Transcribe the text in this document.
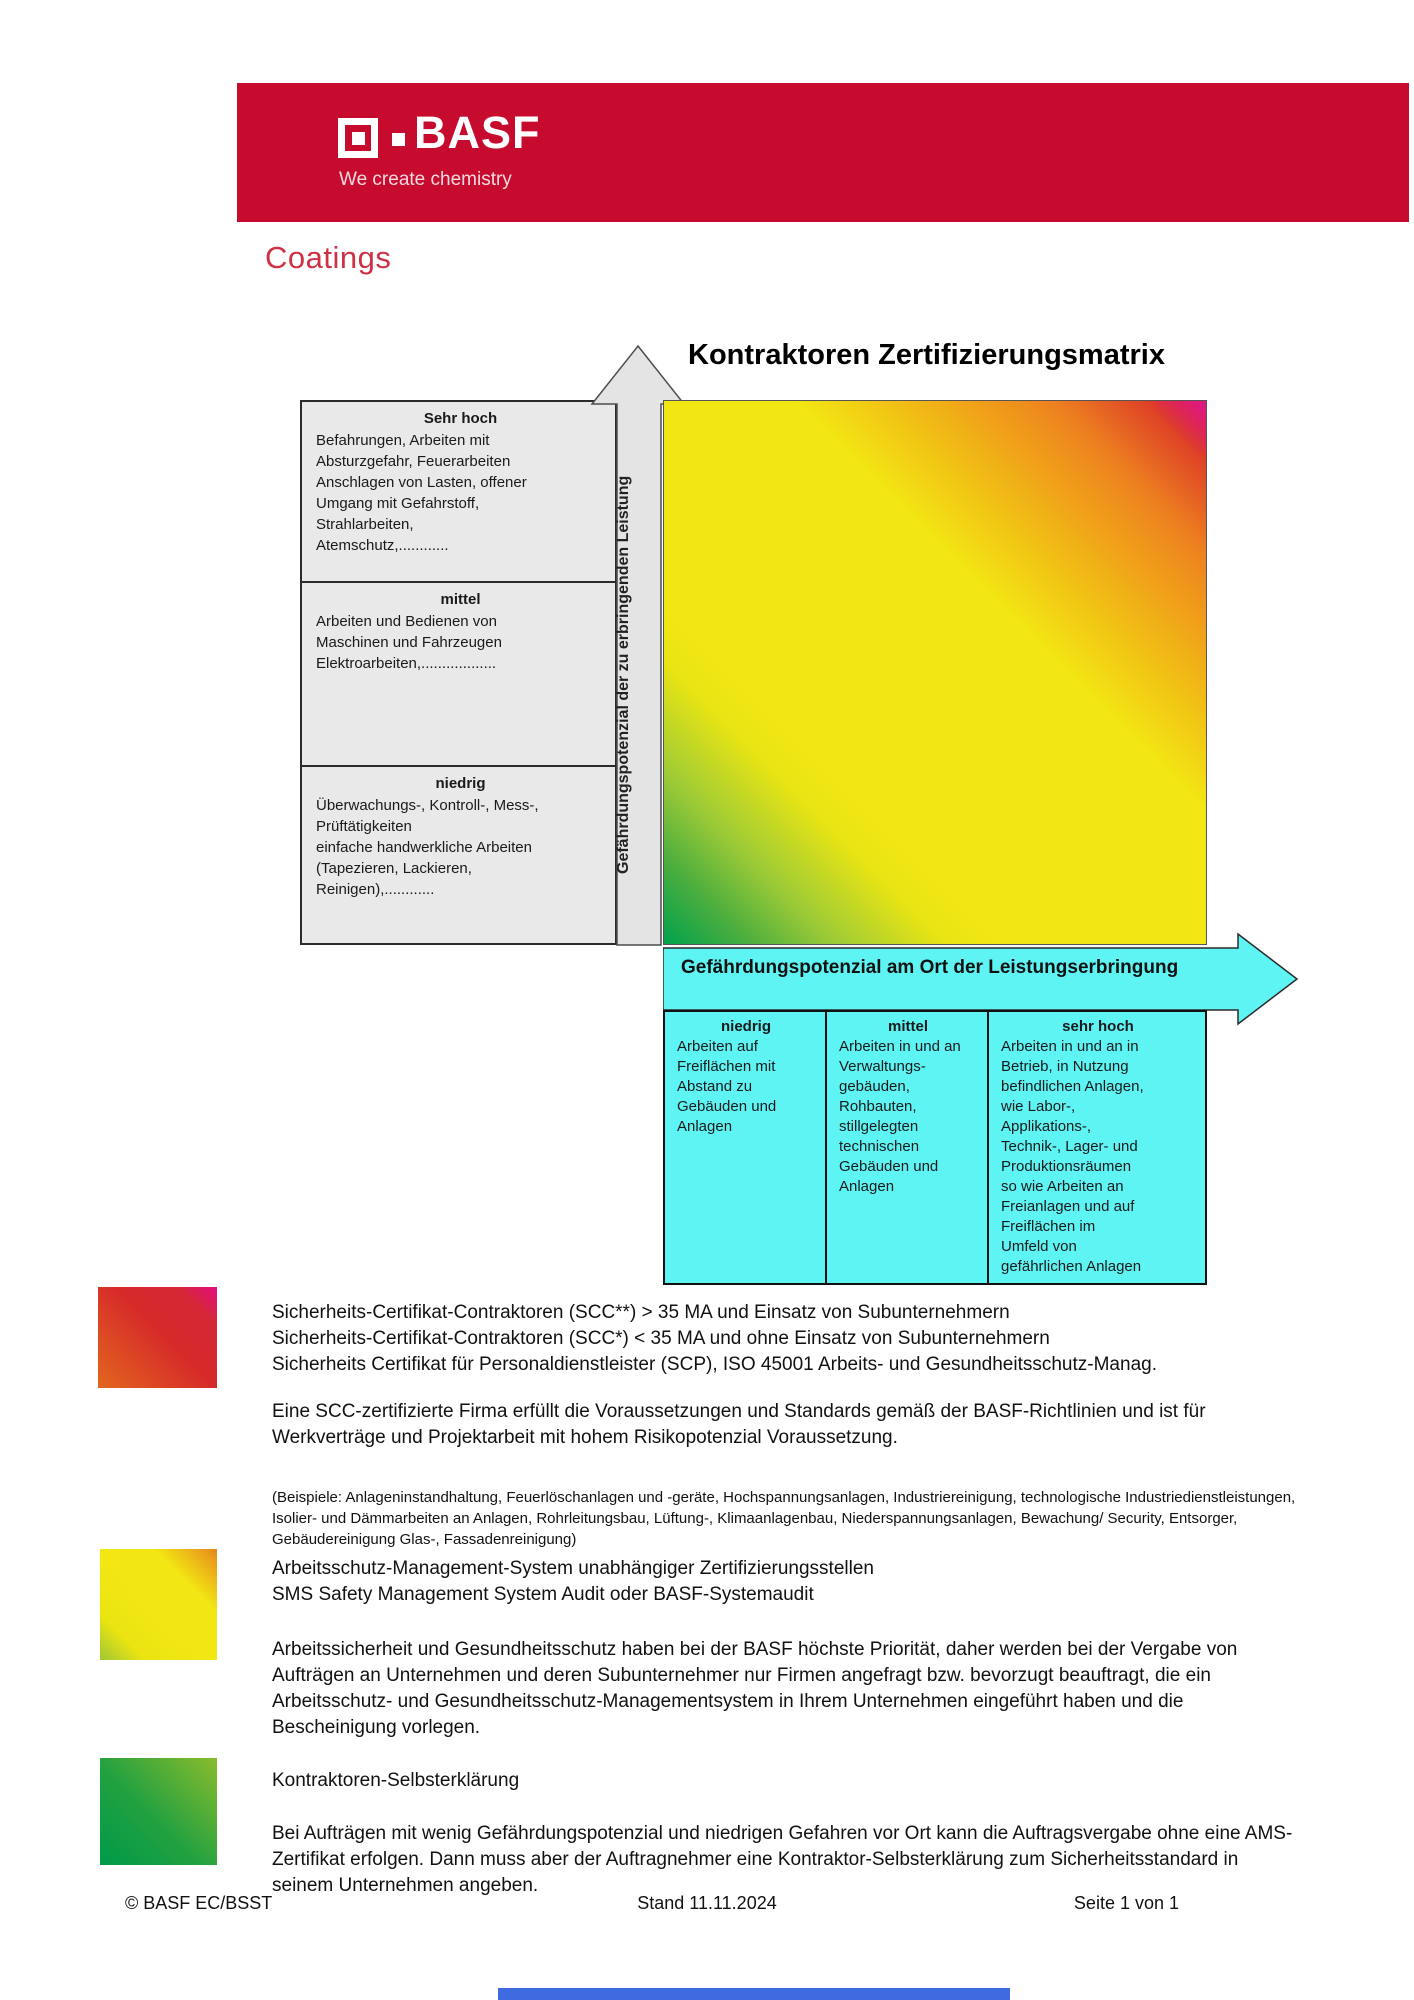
BASF
We create chemistry
Coatings
Kontraktoren Zertifizierungsmatrix
Sehr hoch
Befahrungen, Arbeiten mit
Absturzgefahr, Feuerarbeiten
Anschlagen von Lasten, offener
Umgang mit Gefahrstoff,
Strahlarbeiten,
Atemschutz,............
mittel
Arbeiten und Bedienen von
Maschinen und Fahrzeugen
Elektroarbeiten,..................
niedrig
Überwachungs-, Kontroll-, Mess-,
Prüftätigkeiten
einfache handwerkliche Arbeiten
(Tapezieren, Lackieren,
Reinigen),............
Gefährdungspotenzial der zu erbringenden Leistung
Gefährdungspotenzial am Ort der Leistungserbringung
niedrig
Arbeiten auf
Freiflächen mit
Abstand zu
Gebäuden und
Anlagen
mittel
Arbeiten in und an
Verwaltungs-
gebäuden,
Rohbauten,
stillgelegten
technischen
Gebäuden und
Anlagen
sehr hoch
Arbeiten in und an in
Betrieb, in Nutzung
befindlichen Anlagen,
wie Labor-,
Applikations-,
Technik-, Lager- und
Produktionsräumen
so wie Arbeiten an
Freianlagen und auf
Freiflächen im
Umfeld von
gefährlichen Anlagen
Sicherheits-Certifikat-Contraktoren (SCC**) > 35 MA und Einsatz von Subunternehmern
Sicherheits-Certifikat-Contraktoren (SCC*) < 35 MA und ohne Einsatz von Subunternehmern
Sicherheits Certifikat für Personaldienstleister (SCP), ISO 45001 Arbeits- und Gesundheitsschutz-Manag.
Eine SCC-zertifizierte Firma erfüllt die Voraussetzungen und Standards gemäß der BASF-Richtlinien und ist für Werkverträge und Projektarbeit mit hohem Risikopotenzial Voraussetzung.
(Beispiele: Anlageninstandhaltung, Feuerlöschanlagen und -geräte, Hochspannungsanlagen, Industriereinigung, technologische Industriedienstleistungen, Isolier- und Dämmarbeiten an Anlagen, Rohrleitungsbau, Lüftung-, Klimaanlagenbau, Niederspannungsanlagen, Bewachung/ Security, Entsorger, Gebäudereinigung Glas-, Fassadenreinigung)
Arbeitsschutz-Management-System unabhängiger Zertifizierungsstellen
SMS Safety Management System Audit oder BASF-Systemaudit
Arbeitssicherheit und Gesundheitsschutz haben bei der BASF höchste Priorität, daher werden bei der Vergabe von Aufträgen an Unternehmen und deren Subunternehmer nur Firmen angefragt bzw. bevorzugt beauftragt, die ein Arbeitsschutz- und Gesundheitsschutz-Managementsystem in Ihrem Unternehmen eingeführt haben und die Bescheinigung vorlegen.
Kontraktoren-Selbsterklärung
Bei Aufträgen mit wenig Gefährdungspotenzial und niedrigen Gefahren vor Ort kann die Auftragsvergabe ohne eine AMS-Zertifikat erfolgen. Dann muss aber der Auftragnehmer eine Kontraktor-Selbsterklärung zum Sicherheitsstandard in seinem Unternehmen angeben.
Stand 11.11.2024
© BASF EC/BSST	Seite 1 von 1
